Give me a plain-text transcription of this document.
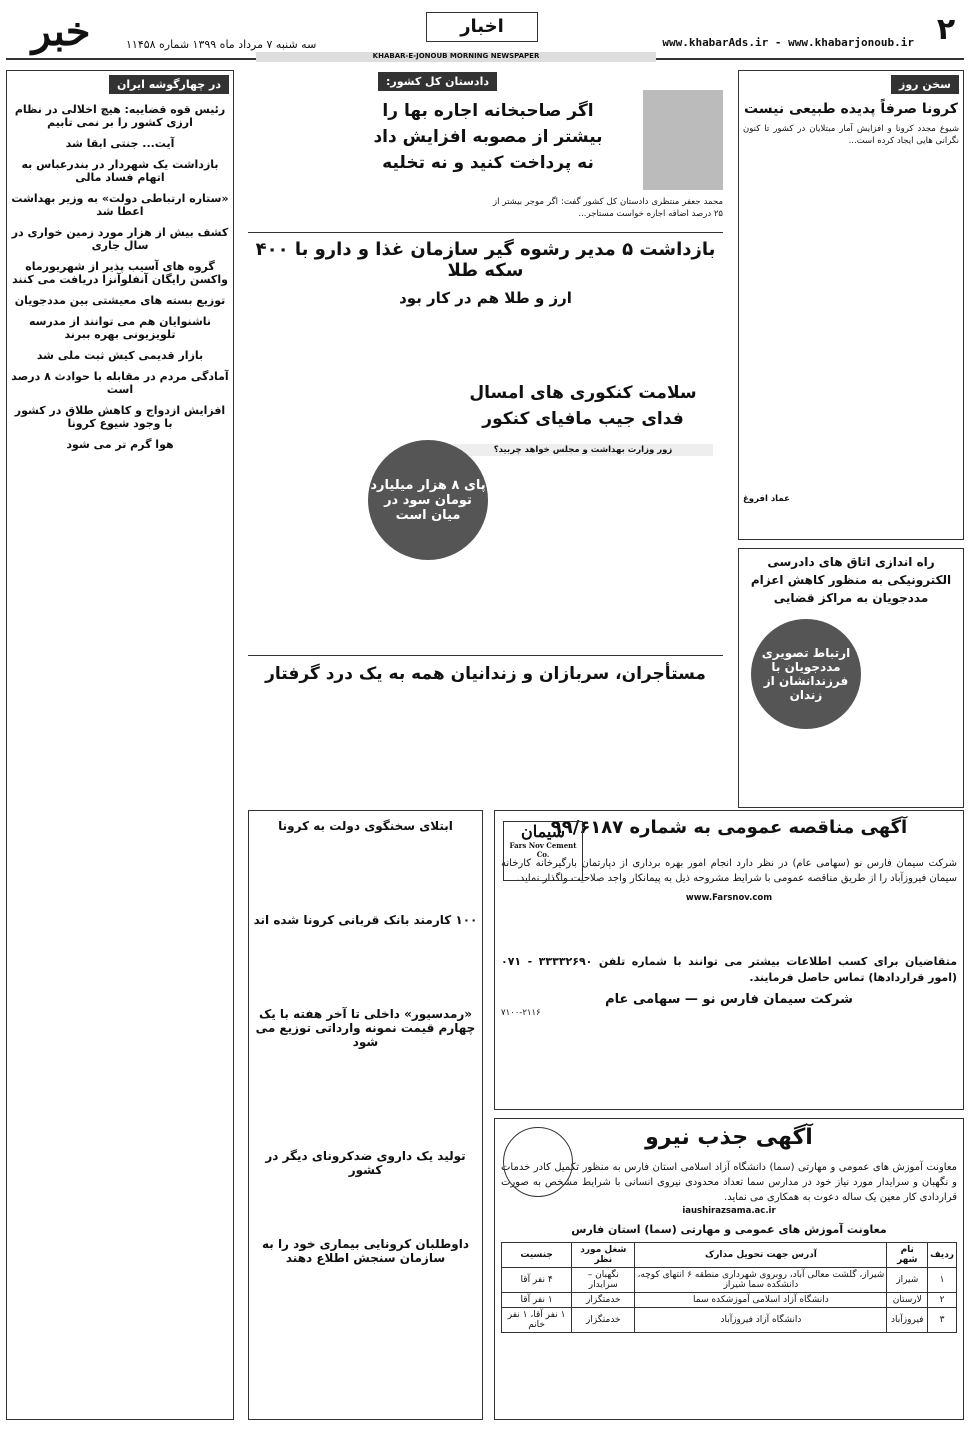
۲
www.khabarAds.ir - www.khabarjonoub.ir
اخبار
سه شنبه ۷ مرداد ماه ۱۳۹۹ شماره ۱۱۴۵۸
KHABAR-E-JONOUB MORNING NEWSPAPER
خبر
سخن روز
کرونا صرفاً پدیده طبیعی نیست
شیوع مجدد کرونا و افزایش آمار مبتلایان در کشور تا کنون نگرانی هایی ایجاد کرده است...
عماد افروغ
دادستان کل کشور:
اگر صاحبخانه اجاره بها را بیشتر از مصوبه افزایش داد نه پرداخت کنید و نه تخلیه
محمد جعفر منتظری دادستان کل کشور گفت: اگر موجر بیشتر از ۲۵ درصد اضافه اجاره خواست مستاجر...
بازداشت ۵ مدیر رشوه گیر سازمان غذا و دارو با ۴۰۰ سکه طلا
ارز و طلا هم در کار بود
سلامت کنکوری های امسال فدای جیب مافیای کنکور
زور وزارت بهداشت و مجلس خواهد چربید؟
پای ۸ هزار میلیارد تومان سود در میان است
مستأجران، سربازان و زندانیان همه به یک درد گرفتار
راه اندازی اتاق های دادرسی الکترونیکی به منظور کاهش اعزام مددجویان به مراکز قضایی
ارتباط تصویری مددجویان با فرزندانشان از زندان
در چهارگوشه ایران
رئیس قوه قضاییه: هیچ اخلالی در نظام ارزی کشور را بر نمی تابیم
آیت... جنتی ابقا شد
بازداشت یک شهردار در بندرعباس به اتهام فساد مالی
«ستاره ارتباطی دولت» به وزیر بهداشت اعطا شد
کشف بیش از هزار مورد زمین خواری در سال جاری
گروه های آسیب پذیر از شهریورماه واکسن رایگان آنفلوآنزا دریافت می کنند
توزیع بسته های معیشتی بین مددجویان
ناشنوایان هم می توانند از مدرسه تلویزیونی بهره ببرند
بازار قدیمی کیش ثبت ملی شد
آمادگی مردم در مقابله با حوادث ۸ درصد است
افزایش ازدواج و کاهش طلاق در کشور با وجود شیوع کرونا
هوا گرم تر می شود
ابتلای سخنگوی دولت به کرونا
۱۰۰ کارمند بانک قربانی کرونا شده اند
«رمدسیور» داخلی تا آخر هفته با یک چهارم قیمت نمونه وارداتی توزیع می شود
تولید یک داروی ضدکرونای دیگر در کشور
داوطلبان کرونایی بیماری خود را به سازمان سنجش اطلاع دهند
آگهی مناقصه عمومی به شماره ۹۹/۶۱۸۷
سیمان
Fars Nov Cement Co.
شرکت سیمان فارس نو (سهامی عام) در نظر دارد انجام امور بهره برداری از دپارتمان بارگیرخانه کارخانه سیمان فیروزآباد را از طریق مناقصه عمومی با شرایط مشروحه ذیل به پیمانکار واجد صلاحیت واگذار نماید.
www.Farsnov.com
متقاضیان برای کسب اطلاعات بیشتر می توانند با شماره تلفن ۳۳۳۳۲۶۹۰ - ۰۷۱ (امور قراردادها) تماس حاصل فرمایند.
شرکت سیمان فارس نو — سهامی عام
۷۱۰۰-۲۱۱۶
آگهی جذب نیرو
معاونت آموزش های عمومی و مهارتی (سما) دانشگاه آزاد اسلامی استان فارس به منظور تکمیل کادر خدمات و نگهبان و سرایدار مورد نیاز خود در مدارس سما تعداد محدودی نیروی انسانی با شرایط مشخص به صورت قراردادی کار معین یک ساله دعوت به همکاری می نماید.
iaushirazsama.ac.ir
معاونت آموزش های عمومی و مهارتی (سما) استان فارس
ردیف	نام شهر	آدرس جهت تحویل مدارک	شغل مورد نظر	جنسیت
۱	شیراز	شیراز، گلشت معالی آباد، روبروی شهرداری منطقه ۶ انتهای کوچه، دانشکده سما شیراز	نگهبان – سرایدار	۴ نفر آقا
۲	لارستان	دانشگاه آزاد اسلامی آموزشکده سما	خدمتگزار	۱ نفر آقا
۳	فیروزآباد	دانشگاه آزاد فیروزآباد	خدمتگزار	۱ نفر آقا، ۱ نفر خانم
